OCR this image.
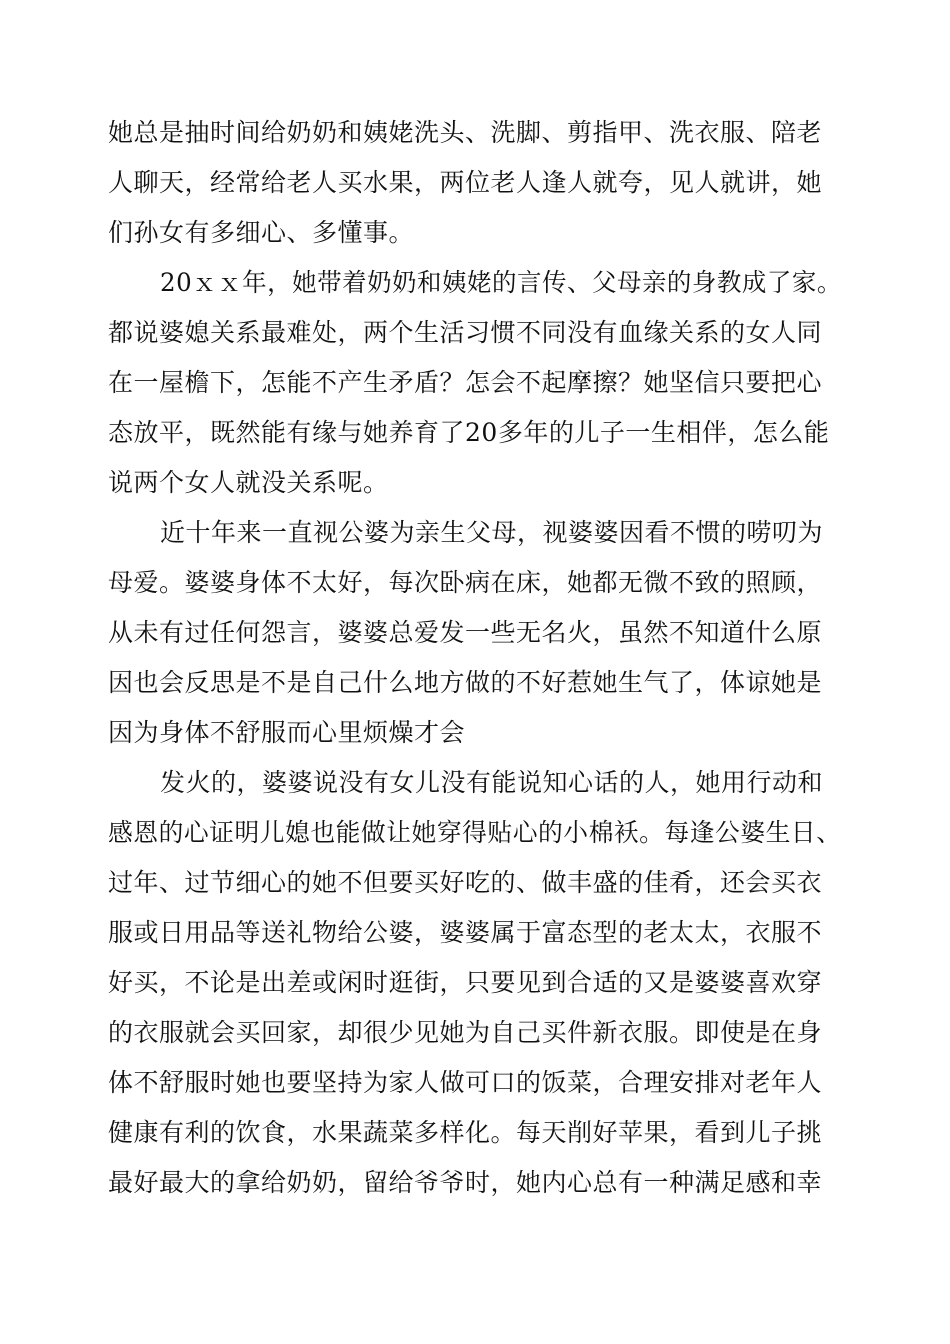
她总是抽时间给奶奶和姨姥洗头、洗脚、剪指甲、洗衣服、陪老
人聊天，经常给老人买水果，两位老人逢人就夸，见人就讲，她
们孙女有多细心、多懂事。
20ｘｘ年，她带着奶奶和姨姥的言传、父母亲的身教成了家。
都说婆媳关系最难处，两个生活习惯不同没有血缘关系的女人同
在一屋檐下，怎能不产生矛盾？怎会不起摩擦？她坚信只要把心
态放平，既然能有缘与她养育了20多年的儿子一生相伴，怎么能
说两个女人就没关系呢。
近十年来一直视公婆为亲生父母，视婆婆因看不惯的唠叨为
母爱。婆婆身体不太好，每次卧病在床，她都无微不致的照顾，
从未有过任何怨言，婆婆总爱发一些无名火，虽然不知道什么原
因也会反思是不是自己什么地方做的不好惹她生气了，体谅她是
因为身体不舒服而心里烦燥才会
发火的，婆婆说没有女儿没有能说知心话的人，她用行动和
感恩的心证明儿媳也能做让她穿得贴心的小棉袄。每逢公婆生日、
过年、过节细心的她不但要买好吃的、做丰盛的佳肴，还会买衣
服或日用品等送礼物给公婆，婆婆属于富态型的老太太，衣服不
好买，不论是出差或闲时逛街，只要见到合适的又是婆婆喜欢穿
的衣服就会买回家，却很少见她为自己买件新衣服。即使是在身
体不舒服时她也要坚持为家人做可口的饭菜，合理安排对老年人
健康有利的饮食，水果蔬菜多样化。每天削好苹果，看到儿子挑
最好最大的拿给奶奶，留给爷爷时，她内心总有一种满足感和幸
